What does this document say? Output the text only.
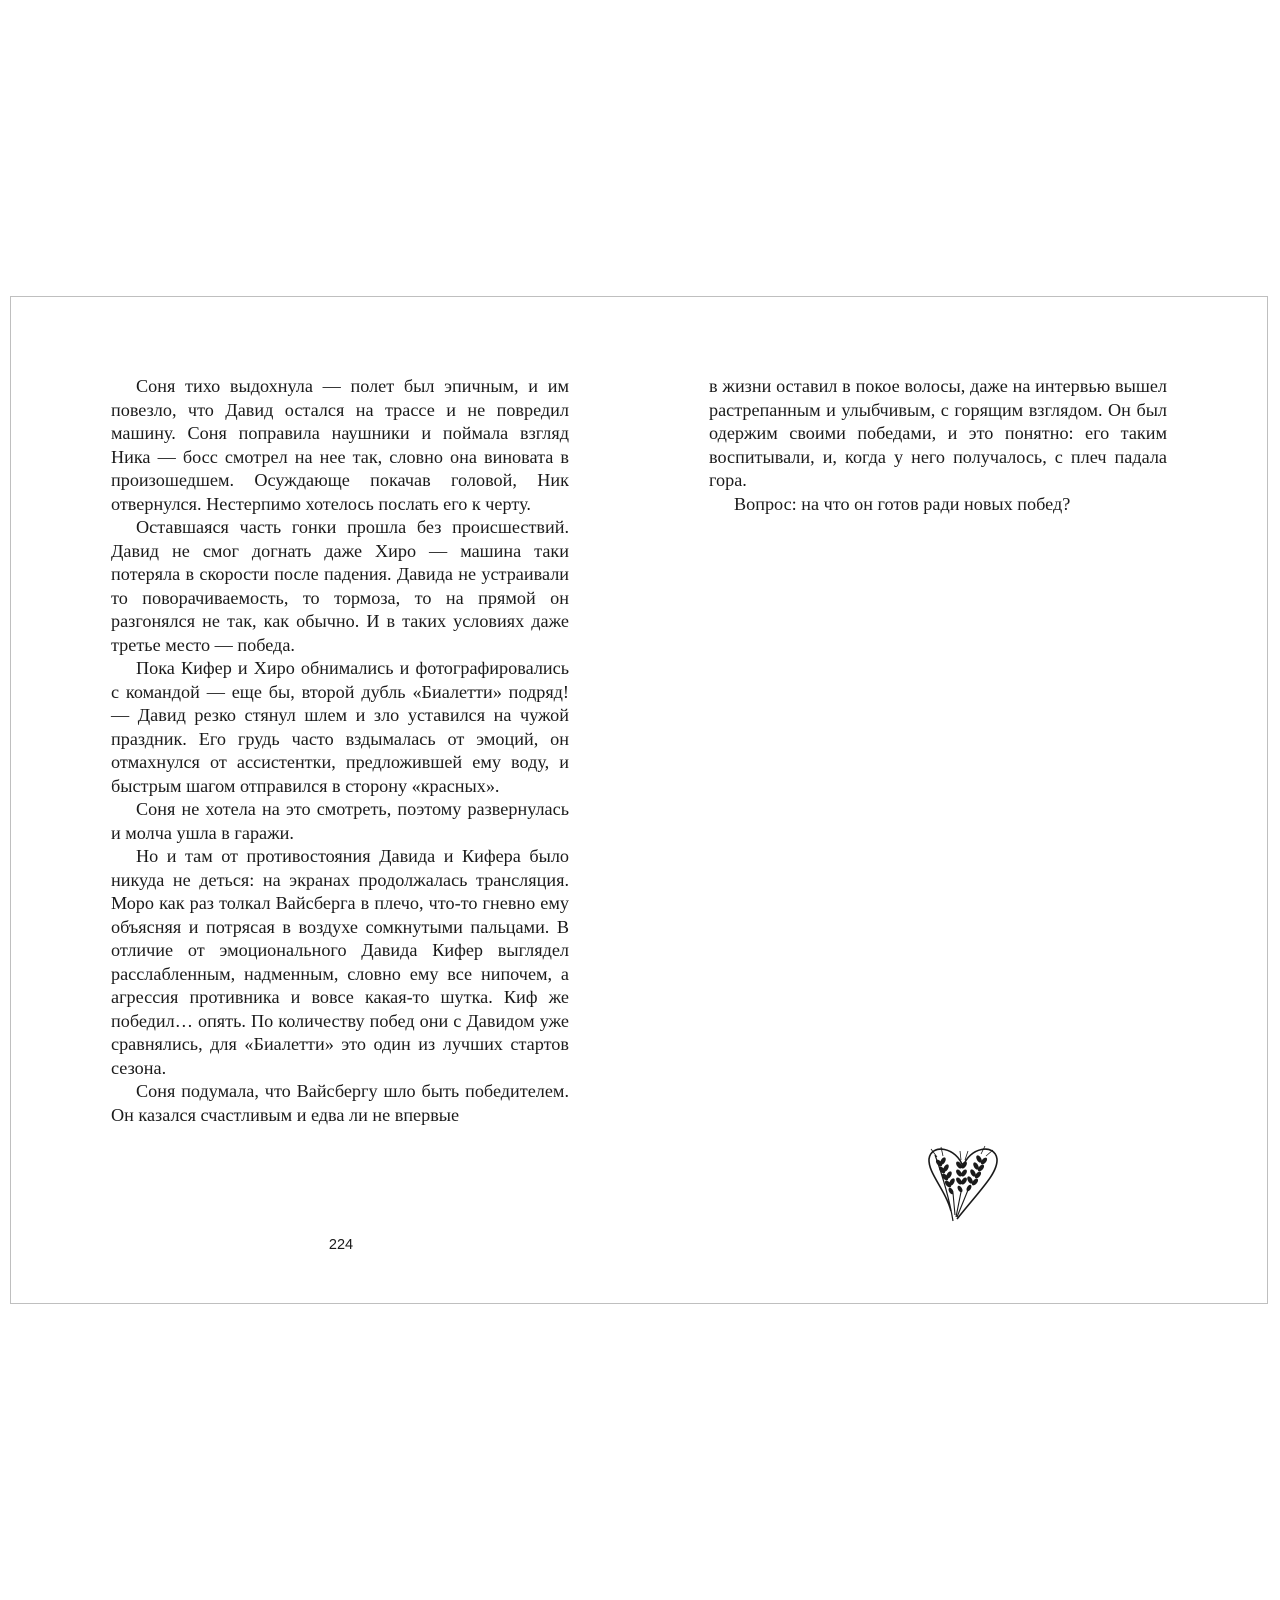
Соня тихо выдохнула — полет был эпичным, и им повезло, что Давид остался на трассе и не повредил машину. Соня поправила наушники и поймала взгляд Ника — босс смотрел на нее так, словно она виновата в произошедшем. Осуждающе покачав головой, Ник отвернулся. Нестерпимо хотелось послать его к черту.

Оставшаяся часть гонки прошла без происшествий. Давид не смог догнать даже Хиро — машина таки потеряла в скорости после падения. Давида не устраивали то поворачиваемость, то тормоза, то на прямой он разгонялся не так, как обычно. И в таких условиях даже третье место — победа.

Пока Кифер и Хиро обнимались и фотографировались с командой — еще бы, второй дубль «Биалетти» подряд! — Давид резко стянул шлем и зло уставился на чужой праздник. Его грудь часто вздымалась от эмоций, он отмахнулся от ассистентки, предложившей ему воду, и быстрым шагом отправился в сторону «красных».

Соня не хотела на это смотреть, поэтому развернулась и молча ушла в гаражи.

Но и там от противостояния Давида и Кифера было никуда не деться: на экранах продолжалась трансляция. Моро как раз толкал Вайсберга в плечо, что-то гневно ему объясняя и потрясая в воздухе сомкнутыми пальцами. В отличие от эмоционального Давида Кифер выглядел расслабленным, надменным, словно ему все нипочем, а агрессия противника и вовсе какая-то шутка. Киф же победил… опять. По количеству побед они с Давидом уже сравнялись, для «Биалетти» это один из лучших стартов сезона.

Соня подумала, что Вайсбергу шло быть победителем. Он казался счастливым и едва ли не впервые

224

в жизни оставил в покое волосы, даже на интервью вышел растрепанным и улыбчивым, с горящим взглядом. Он был одержим своими победами, и это понятно: его таким воспитывали, и, когда у него получалось, с плеч падала гора.

Вопрос: на что он готов ради новых побед?
